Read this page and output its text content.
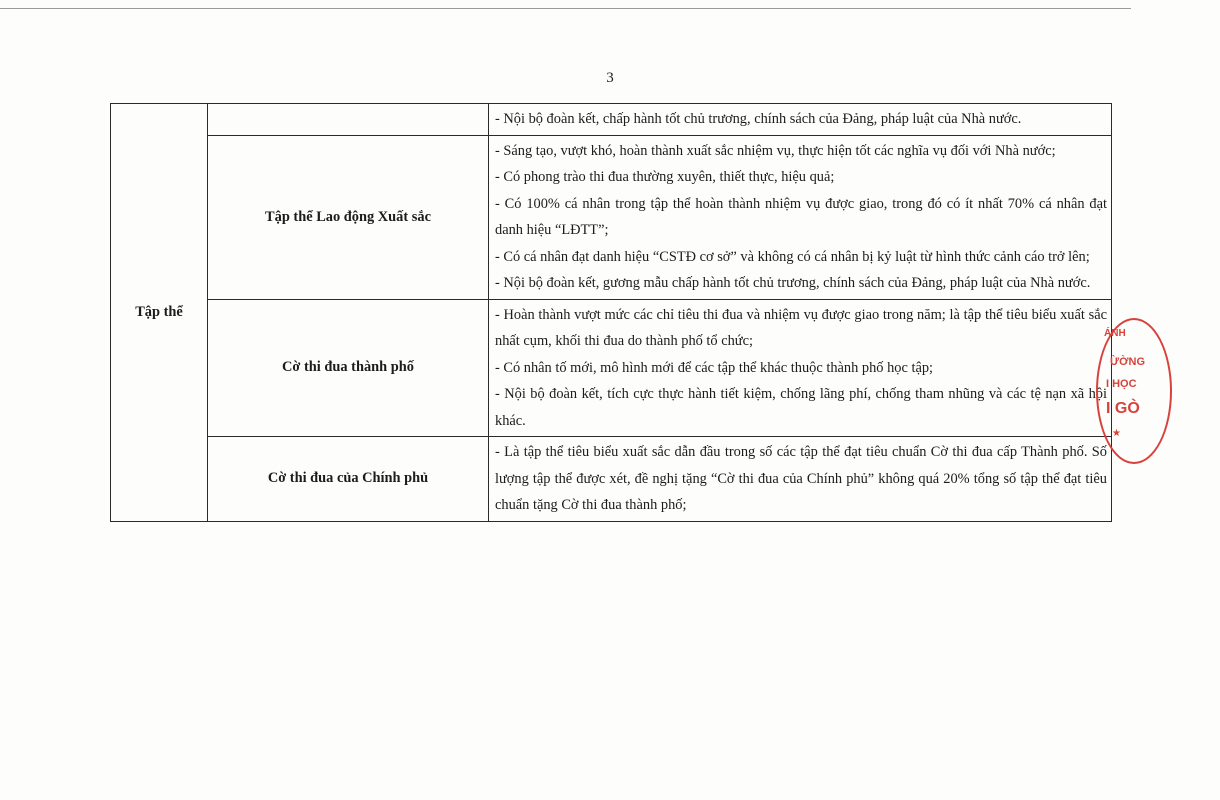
3
Tập thể		- Nội bộ đoàn kết, chấp hành tốt chủ trương, chính sách của Đảng, pháp luật của Nhà nước.

	Tập thể Lao động Xuất sắc	- Sáng tạo, vượt khó, hoàn thành xuất sắc nhiệm vụ, thực hiện tốt các nghĩa vụ đối với Nhà nước;
- Có phong trào thi đua thường xuyên, thiết thực, hiệu quả;
- Có 100% cá nhân trong tập thể hoàn thành nhiệm vụ được giao, trong đó có ít nhất 70% cá nhân đạt danh hiệu “LĐTT”;
- Có cá nhân đạt danh hiệu “CSTĐ cơ sở” và không có cá nhân bị kỷ luật từ hình thức cảnh cáo trở lên;
- Nội bộ đoàn kết, gương mẫu chấp hành tốt chủ trương, chính sách của Đảng, pháp luật của Nhà nước.

	Cờ thi đua thành phố	- Hoàn thành vượt mức các chỉ tiêu thi đua và nhiệm vụ được giao trong năm; là tập thể tiêu biểu xuất sắc nhất cụm, khối thi đua do thành phố tổ chức;
- Có nhân tố mới, mô hình mới để các tập thể khác thuộc thành phố học tập;
- Nội bộ đoàn kết, tích cực thực hành tiết kiệm, chống lãng phí, chống tham nhũng và các tệ nạn xã hội khác.

	Cờ thi đua của Chính phủ	- Là tập thể tiêu biểu xuất sắc dẫn đầu trong số các tập thể đạt tiêu chuẩn Cờ thi đua cấp Thành phố. Số lượng tập thể được xét, đề nghị tặng “Cờ thi đua của Chính phủ” không quá 20% tổng số tập thể đạt tiêu chuẩn tặng Cờ thi đua thành phố;
ÁNH
ỪỜNG
I HỌC
I GÒ
★
